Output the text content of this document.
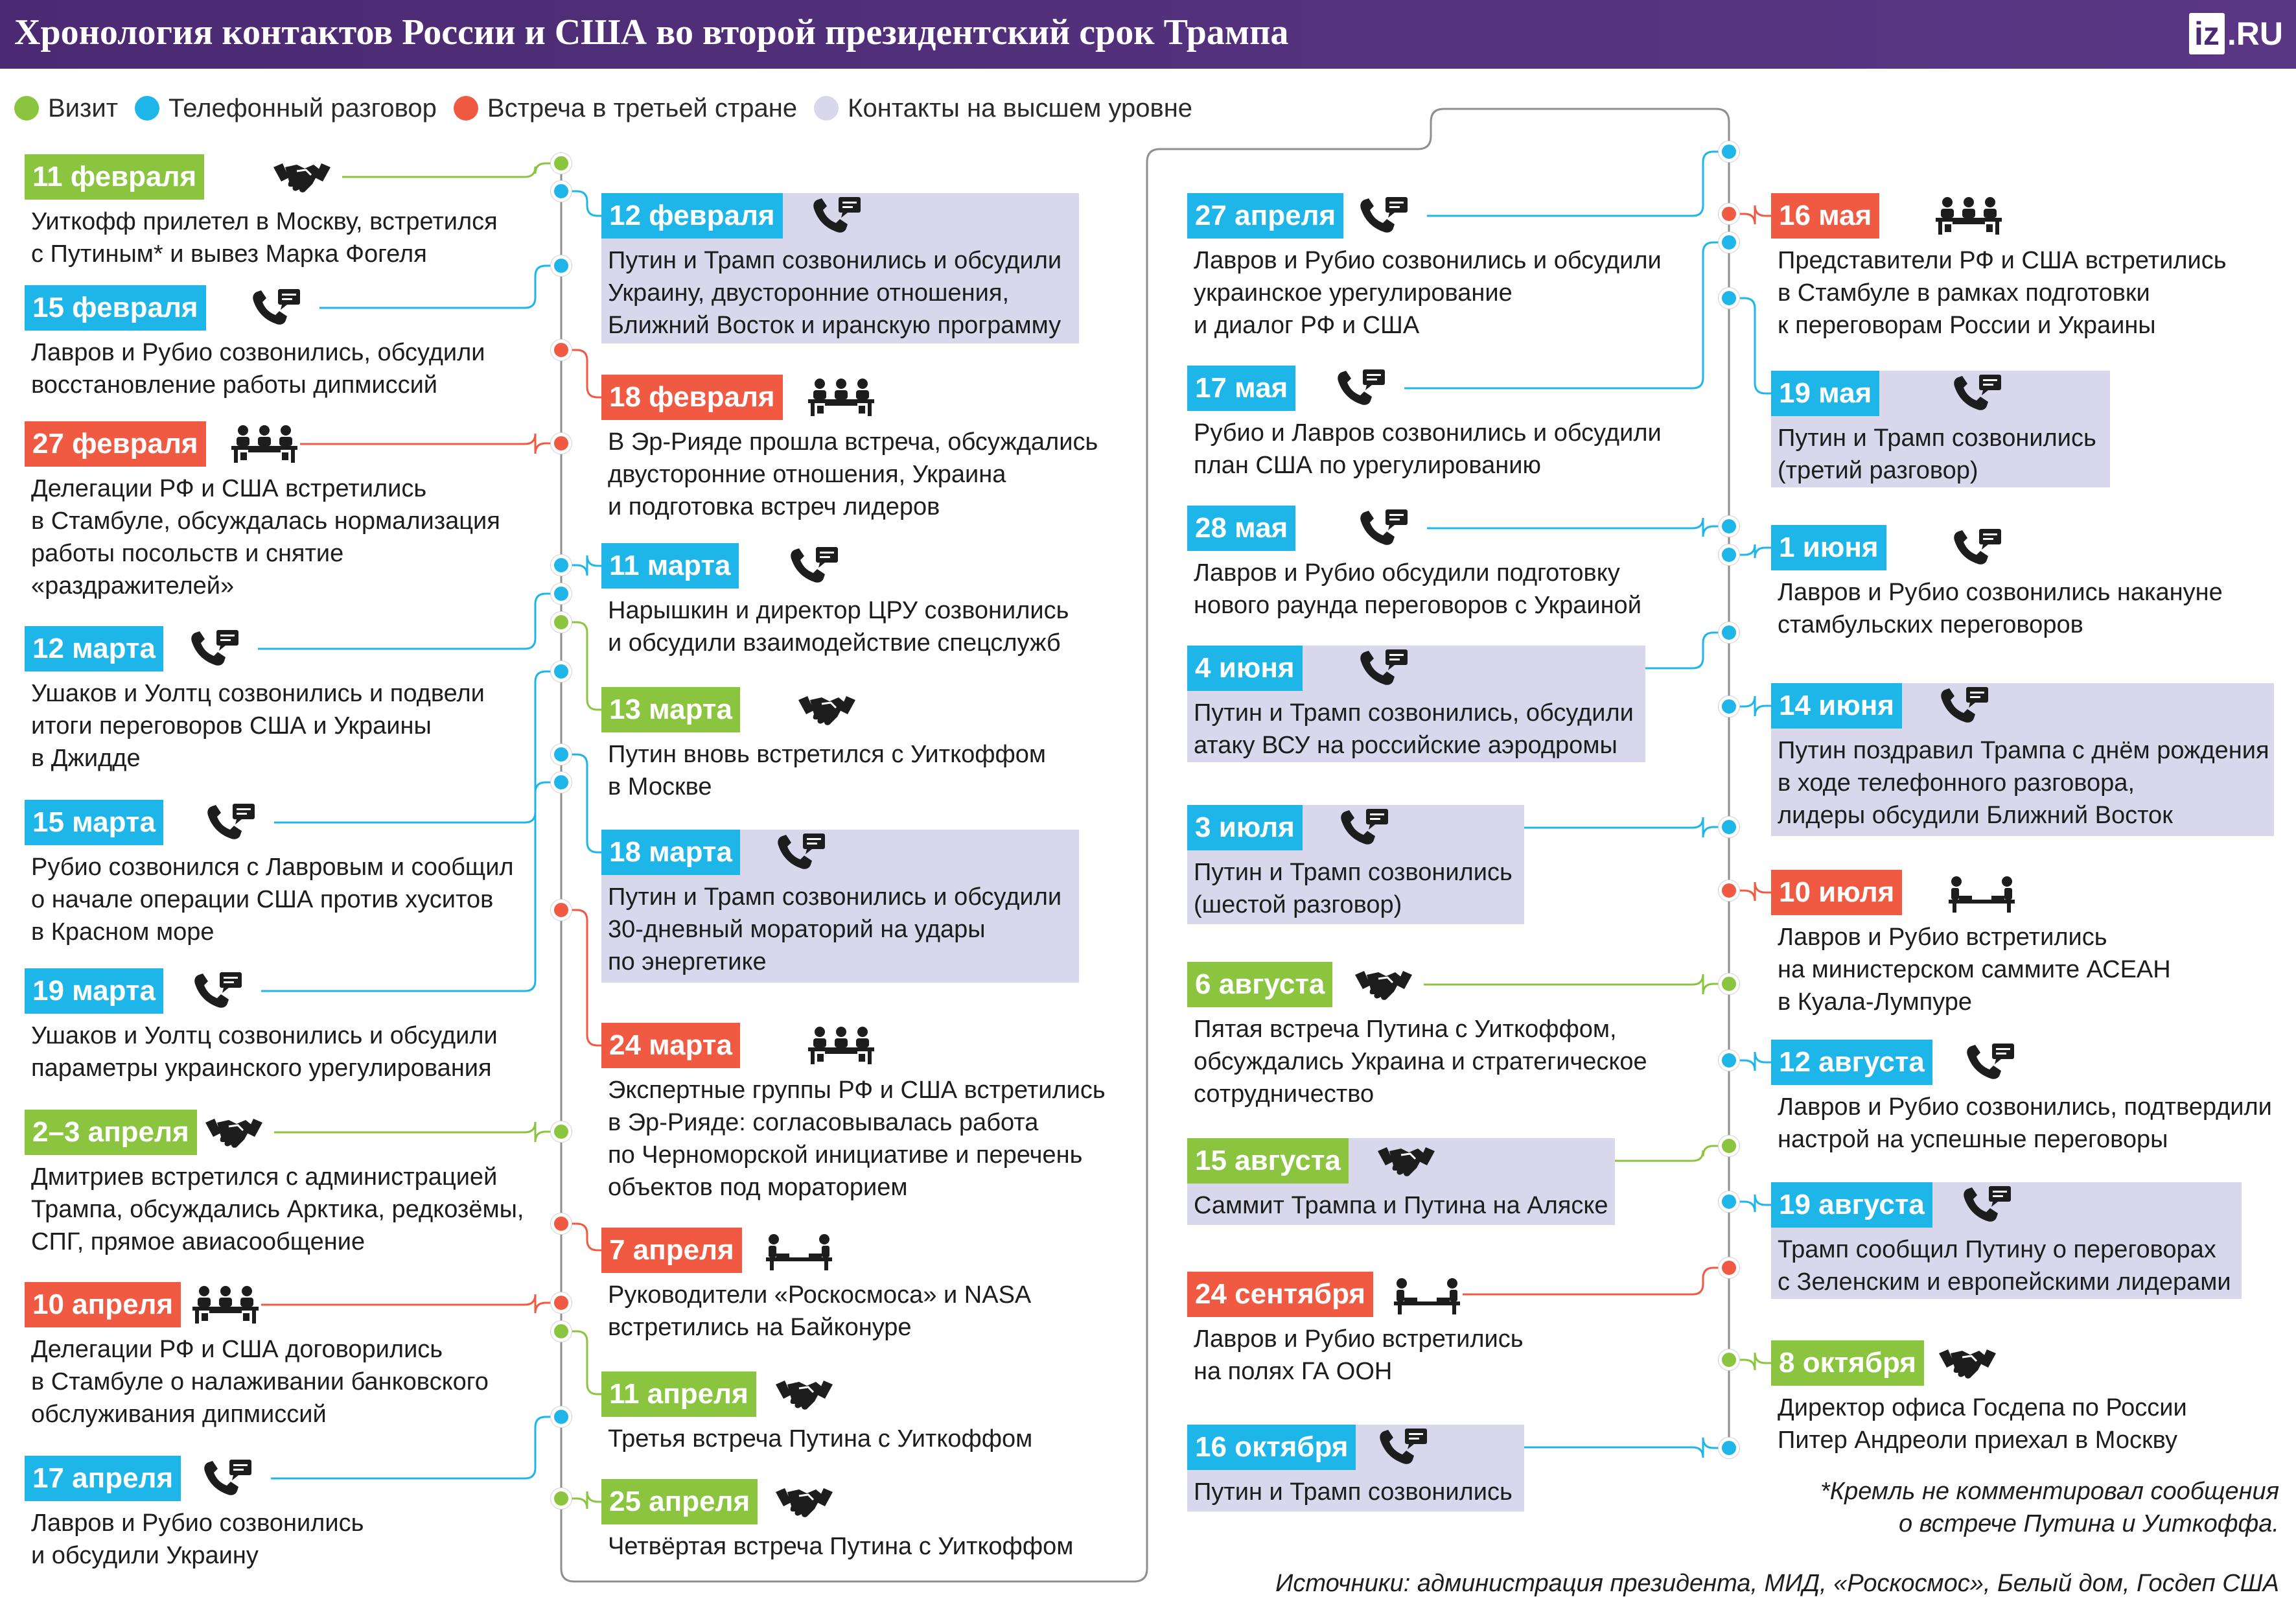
Хронология контактов России и США во второй президентский срок Трампа	iz .RU
Визит Телефонный разговор Встреча в третьей стране Контакты на высшем уровне
11 февраля
Уиткофф прилетел в Москву, встретился
с Путиным* и вывез Марка Фогеля
12 февраля
Путин и Трамп созвонились и обсудили
Украину, двусторонние отношения,
Ближний Восток и иранскую программу
15 февраля
Лавров и Рубио созвонились, обсудили
восстановление работы дипмиссий	18 февраля
В Эр-Рияде прошла встреча, обсуждались
двусторонние отношения, Украина
и подготовка встреч лидеров
27 февраля
Делегации РФ и США встретились
в Стамбуле, обсуждалась нормализация
работы посольств и снятие
«раздражителей»
11 марта
Нарышкин и директор ЦРУ созвонились
и обсудили взаимодействие спецслужб
12 марта
Ушаков и Уолтц созвонились и подвели
итоги переговоров США и Украины
в Джидде
13 марта
Путин вновь встретился с Уиткоффом
в Москве
15 марта
Рубио созвонился с Лавровым и сообщил
о начале операции США против хуситов
в Красном море
18 марта
Путин и Трамп созвонились и обсудили
30-дневный мораторий на удары
по энергетике
19 марта
Ушаков и Уолтц созвонились и обсудили
параметры украинского урегулирования
24 марта
Экспертные группы РФ и США встретились
в Эр-Рияде: согласовывалась работа
по Черноморской инициативе и перечень
объектов под мораторием
2–3 апреля
Дмитриев встретился с администрацией
Трампа, обсуждались Арктика, редкозёмы,
СПГ, прямое авиасообщение	7 апреля
Руководители «Роскосмоса» и NASA
встретились на Байконуре
10 апреля
Делегации РФ и США договорились
в Стамбуле о налаживании банковского
обслуживания дипмиссий
11 апреля
Третья встреча Путина с Уиткоффом
17 апреля
Лавров и Рубио созвонились
и обсудили Украину
25 апреля
Четвёртая встреча Путина с Уиткоффом
27 апреля
Лавров и Рубио созвонились и обсудили
украинское урегулирование
и диалог РФ и США
16 мая
Представители РФ и США встретились
в Стамбуле в рамках подготовки
к переговорам России и Украины
17 мая
Рубио и Лавров созвонились и обсудили
план США по урегулированию
19 мая
Путин и Трамп созвонились
(третий разговор)
28 мая
Лавров и Рубио обсудили подготовку
нового раунда переговоров с Украиной
1 июня
Лавров и Рубио созвонились накануне
стамбульских переговоров
4 июня
Путин и Трамп созвонились, обсудили
атаку ВСУ на российские аэродромы
14 июня
Путин поздравил Трампа с днём рождения
в ходе телефонного разговора,
лидеры обсудили Ближний Восток
3 июля
Путин и Трамп созвонились
(шестой разговор)	10 июля
Лавров и Рубио встретились
на министерском саммите АСЕАН
в Куала-Лумпуре
6 августа
Пятая встреча Путина с Уиткоффом,
обсуждались Украина и стратегическое
сотрудничество
12 августа
Лавров и Рубио созвонились, подтвердили
настрой на успешные переговоры
15 августа
Саммит Трампа и Путина на Аляске	19 августа
Трамп сообщил Путину о переговорах
с Зеленским и европейскими лидерами
24 сентября
Лавров и Рубио встретились
на полях ГА ООН	8 октября
Директор офиса Госдепа по России
Питер Андреоли приехал в Москву
16 октября
Путин и Трамп созвонились	*Кремль не комментировал сообщения
о встрече Путина и Уиткоффа.
Источники: администрация президента, МИД, «Роскосмос», Белый дом, Госдеп США
